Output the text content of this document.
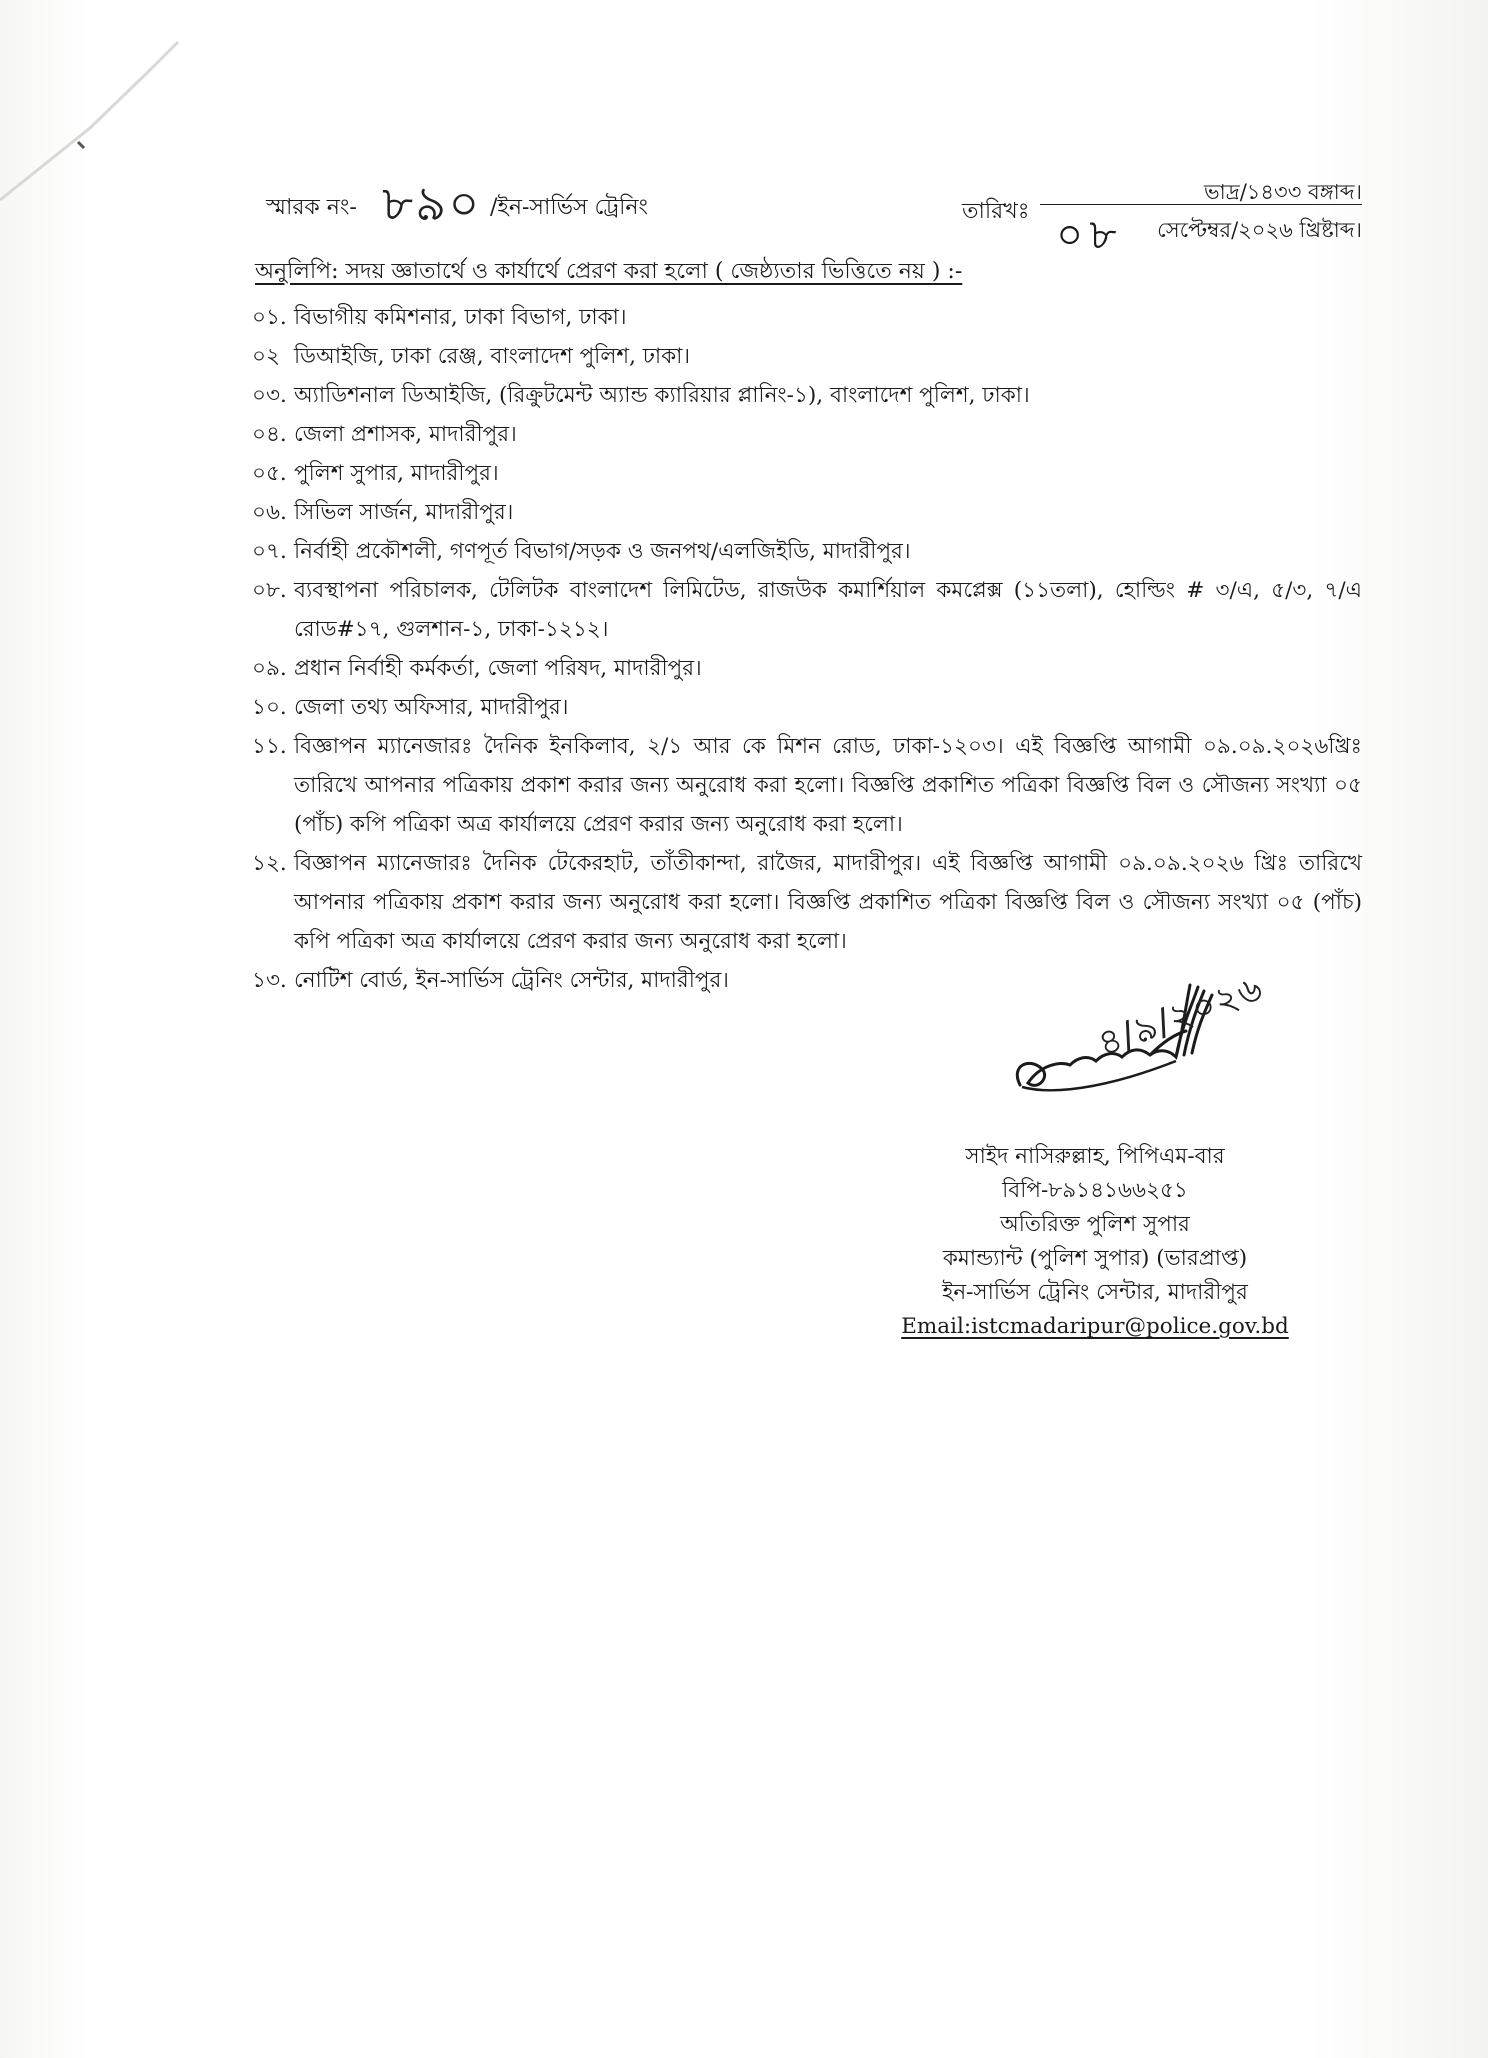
স্মারক নং- ৮৯০ /ইন-সার্ভিস ট্রেনিং	তারিখঃ
ভাদ্র/১৪৩৩ বঙ্গাব্দ।
০৮ সেপ্টেম্বর/২০২৬ খ্রিষ্টাব্দ।
অনুলিপি: সদয় জ্ঞাতার্থে ও কার্যার্থে প্রেরণ করা হলো ( জেষ্ঠ্যতার ভিত্তিতে নয় ) :-
০১. বিভাগীয় কমিশনার, ঢাকা বিভাগ, ঢাকা।
০২ ডিআইজি, ঢাকা রেঞ্জ, বাংলাদেশ পুলিশ, ঢাকা।
০৩. অ্যাডিশনাল ডিআইজি, (রিক্রুটমেন্ট অ্যান্ড ক্যারিয়ার প্লানিং-১), বাংলাদেশ পুলিশ, ঢাকা।
০৪. জেলা প্রশাসক, মাদারীপুর।
০৫. পুলিশ সুপার, মাদারীপুর।
০৬. সিভিল সার্জন, মাদারীপুর।
০৭. নির্বাহী প্রকৌশলী, গণপূর্ত বিভাগ/সড়ক ও জনপথ/এলজিইডি, মাদারীপুর।
০৮. ব্যবস্থাপনা পরিচালক, টেলিটক বাংলাদেশ লিমিটেড, রাজউক কমার্শিয়াল কমপ্লেক্স (১১তলা), হোল্ডিং # ৩/এ, ৫/৩, ৭/এ রোড#১৭, গুলশান-১, ঢাকা-১২১২।
০৯. প্রধান নির্বাহী কর্মকর্তা, জেলা পরিষদ, মাদারীপুর।
১০. জেলা তথ্য অফিসার, মাদারীপুর।
১১. বিজ্ঞাপন ম্যানেজারঃ দৈনিক ইনকিলাব, ২/১ আর কে মিশন রোড, ঢাকা-১২০৩। এই বিজ্ঞপ্তি আগামী ০৯.০৯.২০২৬খ্রিঃ তারিখে আপনার পত্রিকায় প্রকাশ করার জন্য অনুরোধ করা হলো। বিজ্ঞপ্তি প্রকাশিত পত্রিকা বিজ্ঞপ্তি বিল ও সৌজন্য সংখ্যা ০৫ (পাঁচ) কপি পত্রিকা অত্র কার্যালয়ে প্রেরণ করার জন্য অনুরোধ করা হলো।
১২. বিজ্ঞাপন ম্যানেজারঃ দৈনিক টেকেরহাট, তাঁতীকান্দা, রাজৈর, মাদারীপুর। এই বিজ্ঞপ্তি আগামী ০৯.০৯.২০২৬ খ্রিঃ তারিখে আপনার পত্রিকায় প্রকাশ করার জন্য অনুরোধ করা হলো। বিজ্ঞপ্তি প্রকাশিত পত্রিকা বিজ্ঞপ্তি বিল ও সৌজন্য সংখ্যা ০৫ (পাঁচ) কপি পত্রিকা অত্র কার্যালয়ে প্রেরণ করার জন্য অনুরোধ করা হলো।
১৩. নোটিশ বোর্ড, ইন-সার্ভিস ট্রেনিং সেন্টার, মাদারীপুর।	৪/৯/২০২৬
সাইদ নাসিরুল্লাহ, পিপিএম-বার
বিপি-৮৯১৪১৬৬২৫১
অতিরিক্ত পুলিশ সুপার
কমান্ড্যান্ট (পুলিশ সুপার) (ভারপ্রাপ্ত)
ইন-সার্ভিস ট্রেনিং সেন্টার, মাদারীপুর
Email:istcmadaripur@police.gov.bd
